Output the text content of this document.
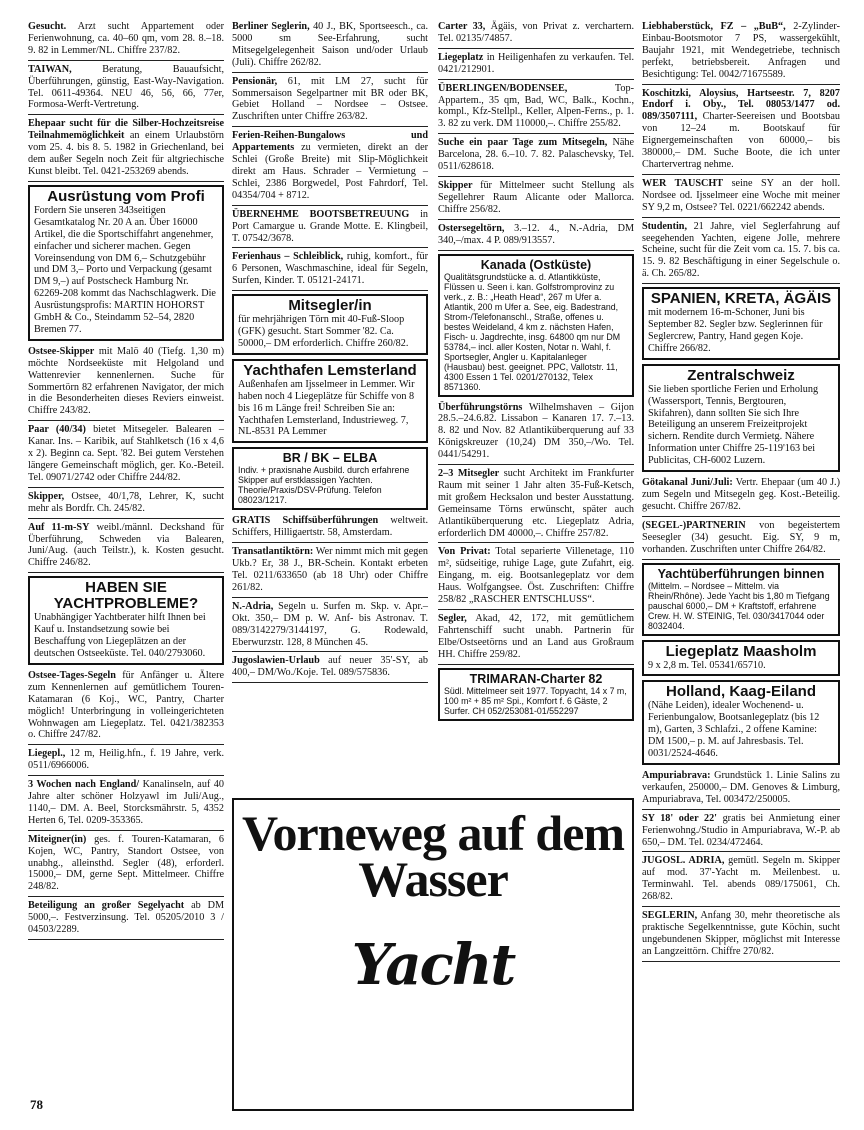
Gesucht. Arzt sucht Appartement oder Ferienwohnung, ca. 40–60 qm, vom 28. 8.–18. 9. 82 in Lemmer/NL. Chiffre 237/82.
TAIWAN,	Beratung, Bauaufsicht, Überführungen, günstig, East-Way-Navigation. Tel. 0611-49364. NEU 46, 56, 66, 77er, Formosa-Werft-Vertretung.
Ehepaar sucht für die Silber-Hochzeitsreise Teilnahmemöglichkeit an einem Urlaubstörn vom 25. 4. bis 8. 5. 1982 in Griechenland, bei dem außer Segeln noch Zeit für altgriechische Kunst bleibt. Tel. 0421-253269 abends.
Ausrüstung vom Profi
Fordern Sie unseren 343seitigen Gesamtkatalog Nr. 20 A an. Über 16000 Artikel, die die Sportschiffahrt angenehmer, einfacher und sicherer machen. Gegen Voreinsendung von DM 6,– Schutzgebühr und DM 3,– Porto und Verpackung (gesamt DM 9,–) auf Postscheck Hamburg Nr. 62269-208 kommt das Nachschlagwerk. Die Ausrüstungsprofis: MARTIN HOHORST GmbH & Co., Steindamm 52–54, 2820 Bremen 77.
Ostsee-Skipper mit Malö 40 (Tiefg. 1,30 m) möchte Nordseeküste mit Helgoland und Wattenrevier kennenlernen. Suche für Sommertörn 82 erfahrenen Navigator, der mich in die Besonderheiten dieses Reviers einweist. Chiffre 243/82.
Paar (40/34) bietet Mitsegeler. Balearen – Kanar. Ins. – Karibik, auf Stahlketsch (16 x 4,6 x 2). Beginn ca. Sept. '82. Bei gutem Verstehen längere Gemeinschaft möglich, ger. Ko.-Beteil. Tel. 09071/2742 oder Chiffre 244/82.
Skipper, Ostsee, 40/1,78, Lehrer, K, sucht mehr als Bordfr. Ch. 245/82.
Auf 11-m-SY weibl./männl. Deckshand für Überführung, Schweden via Balearen, Juni/Aug. (auch Teilstr.), k. Kosten gesucht. Chiffre 246/82.
HABEN SIE YACHTPROBLEME?
Unabhängiger Yachtberater hilft Ihnen bei Kauf u. Instandsetzung sowie bei Beschaffung von Liegeplätzen an der deutschen Ostseeküste. Tel. 040/2793060.
Ostsee-Tages-Segeln für Anfänger u. Ältere zum Kennenlernen auf gemütlichem Touren-Katamaran (6 Koj., WC, Pantry, Charter möglich! Unterbringung in volleingerichteten Wohnwagen am Liegeplatz. Tel. 0421/382353 o. Chiffre 247/82.
Liegepl., 12 m, Heilig.hfn., f. 19 Jahre, verk. 0511/6966006.
3 Wochen nach England/ Kanalinseln, auf 40 Jahre alter schöner Holzyawl im Juli/Aug., 1140,– DM. A. Beel, Storcksmährstr. 5, 4352 Herten 6, Tel. 0209-353365.
Miteigner(in) ges. f. Touren-Katamaran, 6 Kojen, WC, Pantry, Standort Ostsee, von unabhg., alleinsthd. Segler (48), erforderl. 15000,– DM, gerne Sept. Mittelmeer. Chiffre 248/82.
Beteiligung an großer Segelyacht ab DM 5000,–. Festverzinsung. Tel. 05205/2010 3 / 04503/2289.
Berliner Seglerin, 40 J., BK, Sportseesch., ca. 5000 sm See-Erfahrung, sucht Mitsegelgelegenheit Saison und/oder Urlaub (Juli). Chiffre 262/82.
Pensionär, 61, mit LM 27, sucht für Sommersaison Segelpartner mit BR oder BK, Gebiet Holland – Nordsee – Ostsee. Zuschriften unter Chiffre 263/82.
Ferien-Reihen-Bungalows und Appartements zu vermieten, direkt an der Schlei (Große Breite) mit Slip-Möglichkeit direkt am Haus. Schrader – Vermietung – Schlei, 2386 Borgwedel, Post Fahrdorf, Tel. 04354/704 + 8712.
ÜBERNEHME BOOTSBETREUUNG in Port Camargue u. Grande Motte. E. Klingbeil, T. 07542/3678.
Ferienhaus – Schleiblick, ruhig, komfort., für 6 Personen, Waschmaschine, ideal für Segeln, Surfen, Kinder. T. 05121-24171.
Mitsegler/in
für mehrjährigen Törn mit 40-Fuß-Sloop (GFK) gesucht. Start Sommer '82. Ca. 50000,– DM erforderlich. Chiffre 260/82.
Yachthafen Lemsterland
Außenhafen am Ijsselmeer in Lemmer. Wir haben noch 4 Liegeplätze für Schiffe von 8 bis 16 m Länge frei! Schreiben Sie an: Yachthafen Lemsterland, Industrieweg. 7, NL-8531 PA Lemmer
BR / BK – ELBA
Indiv. + praxisnahe Ausbild. durch erfahrene Skipper auf erstklassigen Yachten. Theorie/Praxis/DSV-Prüfung. Telefon 08023/1217.
GRATIS Schiffsüberführungen weltweit. Schiffers, Hilligaertstr. 58, Amsterdam.
Transatlantiktörn: Wer nimmt mich mit gegen Ukb.? Er, 38 J., BR-Schein. Kontakt erbeten Tel. 0211/633650 (ab 18 Uhr) oder Chiffre 261/82.
N.-Adria, Segeln u. Surfen m. Skp. v. Apr.–Okt. 350,– DM p. W. Anf- bis Astronav. T. 089/3142279/3144197, G. Rodewald, Eberwurzstr. 128, 8 München 45.
Jugoslawien-Urlaub auf neuer 35'-SY, ab 400,– DM/Wo./Koje. Tel. 089/575836.
Carter 33, Ägäis, von Privat z. verchartern. Tel. 02135/74857.
Liegeplatz in Heiligenhafen zu verkaufen. Tel. 0421/212901.
ÜBERLINGEN/BODENSEE,	Top-Appartem., 35 qm, Bad, WC, Balk., Kochn., kompl., Kfz-Stellpl., Keller, Alpen-Ferns., p. 1. 3. 82 zu verk. DM 110000,–. Chiffre 255/82.
Suche ein paar Tage zum Mitsegeln, Nähe Barcelona, 28. 6.–10. 7. 82. Palaschevsky, Tel. 0511/628618.
Skipper für Mittelmeer sucht Stellung als Segellehrer Raum Alicante oder Mallorca. Chiffre 256/82.
Ostersegeltörn, 3.–12. 4., N.-Adria, DM 340,–/max. 4 P. 089/913557.
Kanada (Ostküste)
Qualitätsgrundstücke a. d. Atlantikküste, Flüssen u. Seen i. kan. Golfstromprovinz zu verk., z. B.: „Heath Head“, 267 m Ufer a. Atlantik, 200 m Ufer a. See, eig. Badestrand, Strom-/Telefonanschl., Straße, offenes u. bestes Weideland, 4 km z. nächsten Hafen, Fisch- u. Jagdrechte, insg. 64800 qm nur DM 53784,– incl. aller Kosten, Notar n. Wahl, f. Sportsegler, Angler u. Kapitalanleger (Hausbau) best. geeignet. PPC, Vallotstr. 11, 4300 Essen 1 Tel. 0201/270132, Telex 8571360.
Überführungstörns Wilhelmshaven – Gijon 28.5.–24.6.82. Lissabon – Kanaren 17. 7.–13. 8. 82 und Nov. 82 Atlantiküberquerung auf 33 Königskreuzer (10,24) DM 350,–/Wo. Tel. 0441/54291.
2–3 Mitsegler sucht Architekt im Frankfurter Raum mit seiner 1 Jahr alten 35-Fuß-Ketsch, mit großem Hecksalon und bester Ausstattung. Gemeinsame Törns erwünscht, später auch Atlantiküberquerung etc. Liegeplatz Adria, erforderlich DM 40000,–. Chiffre 257/82.
Von Privat: Total separierte Villenetage, 110 m², südseitige, ruhige Lage, gute Zufahrt, eig. Eingang, m. eig. Bootsanlegeplatz vor dem Haus. Wolfgangsee. Öst. Zuschriften: Chiffre 258/82 „RASCHER ENTSCHLUSS“.
Segler, Akad, 42, 172, mit gemütlichem Fahrtenschiff sucht unabh. Partnerin für Elbe/Ostseetörns und an Land aus Großraum HH. Chiffre 259/82.
TRIMARAN-Charter 82
Südl. Mittelmeer seit 1977. Topyacht, 14 x 7 m, 100 m² + 85 m² Spi., Komfort f. 6 Gäste, 2 Surfer. CH 052/253081-01/552297
Liebhaberstück, FZ – „BuB“, 2-Zylinder-Einbau-Bootsmotor 7 PS, wassergekühlt, Baujahr 1921, mit Wendegetriebe, technisch perfekt, betriebsbereit. Anfragen und Besichtigung: Tel. 0042/71675589.
Koschitzki, Aloysius, Hartseestr. 7, 8207 Endorf i. Oby., Tel. 08053/1477 od. 089/3507111, Charter-Seereisen und Bootsbau von 12–24 m. Bootskauf für Eignergemeinschaften von 60000,– bis 380000,– DM. Suche Boote, die ich unter Chartervertrag nehme.
WER TAUSCHT seine SY an der holl. Nordsee od. Ijsselmeer eine Woche mit meiner SY 9,2 m, Ostsee? Tel. 0221/662242 abends.
Studentin, 21 Jahre, viel Seglerfahrung auf seegehenden Yachten, eigene Jolle, mehrere Scheine, sucht für die Zeit vom ca. 15. 7. bis ca. 15. 9. 82 Beschäftigung in einer Segelschule o. ä. Ch. 265/82.
SPANIEN, KRETA, ÄGÄIS
mit modernem 16-m-Schoner, Juni bis September 82. Segler bzw. Seglerinnen für Seglercrew, Pantry, Hand gegen Koje. Chiffre 266/82.
Zentralschweiz
Sie lieben sportliche Ferien und Erholung (Wassersport, Tennis, Bergtouren, Skifahren), dann sollten Sie sich Ihre Beteiligung an unserem Freizeitprojekt sichern. Rendite durch Vermietg. Nähere Information unter Chiffre 25-119'163 bei Publicitas, CH-6002 Luzern.
Götakanal Juni/Juli: Vertr. Ehepaar (um 40 J.) zum Segeln und Mitsegeln geg. Kost.-Beteilig. gesucht. Chiffre 267/82.
(SEGEL-)PARTNERIN von begeistertem Seesegler (34) gesucht. Eig. SY, 9 m, vorhanden. Zuschriften unter Chiffre 264/82.
Yachtüberführungen binnen
(Mittelm. – Nordsee – Mittelm. via Rhein/Rhône). Jede Yacht bis 1,80 m Tiefgang pauschal 6000,– DM + Kraftstoff, erfahrene Crew. H. W. STEINIG, Tel. 030/3417044 oder 8032404.
Liegeplatz Maasholm
9 x 2,8 m. Tel. 05341/65710.
Holland, Kaag-Eiland
(Nähe Leiden), idealer Wochenend- u. Ferienbungalow, Bootsanlegeplatz (bis 12 m), Garten, 3 Schlafzi., 2 offene Kamine: DM 1500,– p. M. auf Jahresbasis. Tel. 0031/2524-4646.
Ampuriabrava: Grundstück 1. Linie Salins zu verkaufen, 250000,– DM. Genoves & Limburg, Ampuriabrava, Tel. 003472/250005.
SY 18' oder 22' gratis bei Anmietung einer Ferienwohng./Studio in Ampuriabrava, W.-P. ab 650,– DM. Tel. 0234/472464.
JUGOSL. ADRIA, gemütl. Segeln m. Skipper auf mod. 37'-Yacht m. Meilenbest. u. Terminwahl. Tel. abends 089/175061, Ch. 268/82.
SEGLERIN, Anfang 30, mehr theoretische als praktische Segelkenntnisse, gute Köchin, sucht ungebundenen Skipper, möglichst mit Interesse an Langzeittörn. Chiffre 270/82.
Vorneweg auf dem Wasser
Yacht
78
